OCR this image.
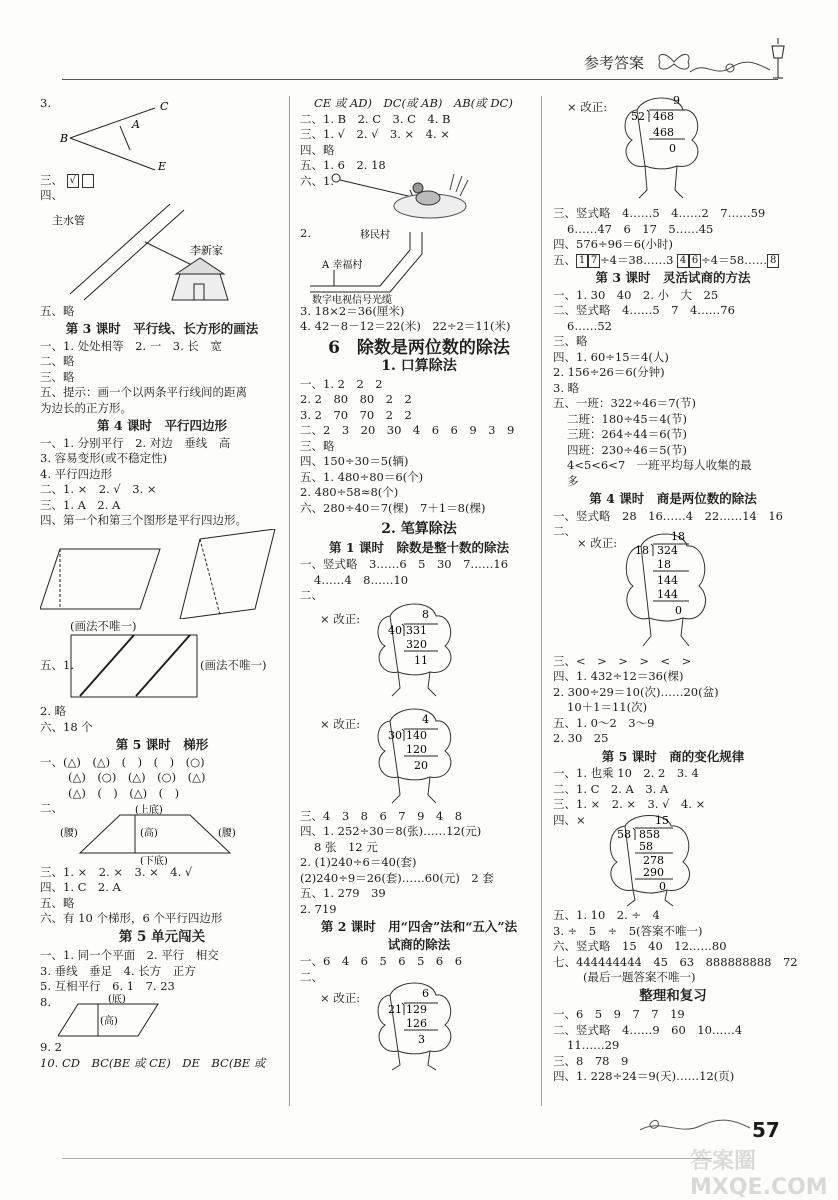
参考答案
3.	C
A
B
E
三、 √
四、
主水管
李新家
五、略
第 3 课时　平行线、长方形的画法
一、1. 处处相等　2. 一　3. 长　宽
二、略
三、略
五、提示：画一个以两条平行线间的距离
为边长的正方形。
第 4 课时　平行四边形
一、1. 分别平行　2. 对边　垂线　高
3. 容易变形(或不稳定性)
4. 平行四边形
二、1. ×　2. √　3. ×
三、1. A　2. A
四、第一个和第三个图形是平行四边形。
(画法不唯一)
五、1.	(画法不唯一)
2. 略
六、18 个
第 5 课时　梯形
一、(△)　(△)　(　)　(　)　(○)
(△)　(○)　(△)　(○)　(△)
(△)　(　)　(△)　(　)
二、	(上底)
(腰)	(高)	(腰)
(下底)
三、1. ×　2. ×　3. ×　4. √
四、1. C　2. A
五、略
六、有 10 个梯形，6 个平行四边形
第 5 单元闯关
一、1. 同一个平面　2. 平行　相交
3. 垂线　垂足　4. 长方　正方
5. 互相平行　6. 1　7. 23
8.	(底)
(高)
9. 2
10. CD　BC(BE 或 CE)　DE　BC(BE 或
CE 或 AD)　DC(或 AB)　AB(或 DC)
二、1. B　2. C　3. C　4. B
三、1. √　2. √　3. ×　4. ×
四、略
五、1. 6　2. 18
六、1.
2.	移民村
A 幸福村
数字电视信号光缆
3. 18×2＝36(厘米)
4. 42－8－12＝22(米)　22÷2＝11(米)
6　除数是两位数的除法
1. 口算除法
一、1. 2　2　2
2. 2　80　80　2　2
3. 2　70　70　2　2
二、2　3　20　30　4　6　6　9　3　9
三、略
四、150÷30＝5(辆)
五、1. 480÷80＝6(个)
2. 480÷58≈8(个)
六、280÷40＝7(棵)　7＋1＝8(棵)
2. 笔算除法
第 1 课时　除数是整十数的除法
一、竖式略　3……6　5　30　7……16
4……4　8……10
二、
× 改正:	8
40 331
320
11
× 改正:	4
30 140
120
20
三、4　3　8　6　7　9　4　8
四、1. 252÷30＝8(张)……12(元)
8 张　12 元
2. (1)240÷6＝40(套)
(2)240÷9＝26(套)……60(元)　2 套
五、1. 279　39
2. 719
第 2 课时　用“四舍”法和“五入”法
试商的除法
一、6　4　6　5　6　5　6　6
二、
× 改正:	6
21 129
126
3
× 改正:	9
52 468
468
0
三、竖式略　4……5　4……2　7……59
6……47　6　17　5……45
四、576÷96＝6(小时)
五、 1 7 ÷4＝38……3 4 6 ÷4＝58…… 8
第 3 课时　灵活试商的方法
一、1. 30　40　2. 小　大　25
二、竖式略　4……5　7　4……76
6……52
三、略
四、1. 60÷15＝4(人)
2. 156÷26＝6(分钟)
3. 略
五、一班：322÷46＝7(节)
二班：180÷45＝4(节)
三班：264÷44＝6(节)
四班：230÷46＝5(节)
4<5<6<7　一班平均每人收集的最
多
第 4 课时　商是两位数的除法
一、竖式略　28　16……4　22……14　16
二、
× 改正:	18
18 324
18
144
144
0
三、<　>　>　>　<　>
四、1. 432÷12＝36(棵)
2. 300÷29＝10(次)……20(盆)
10＋1＝11(次)
五、1. 0～2　3～9
2. 30　25
第 5 课时　商的变化规律
一、1. 也乘 10　2. 2　3. 4
二、1. C　2. A　3. A
三、1. ×　2. ×　3. √　4. ×
四、×	15
58 858
58
278
290
0
五、1. 10　2. ÷　4
3. ÷　5　÷　5(答案不唯一)
六、竖式略　15　40　12……80
七、444444444　45　63　888888888　72
(最后一题答案不唯一)
整理和复习
一、6　5　9　7　7　19
二、竖式略　4……9　60　10……4
11……29
三、8　78　9
四、1. 228÷24＝9(天)……12(页)
57
答案圈 MXQE.COM
